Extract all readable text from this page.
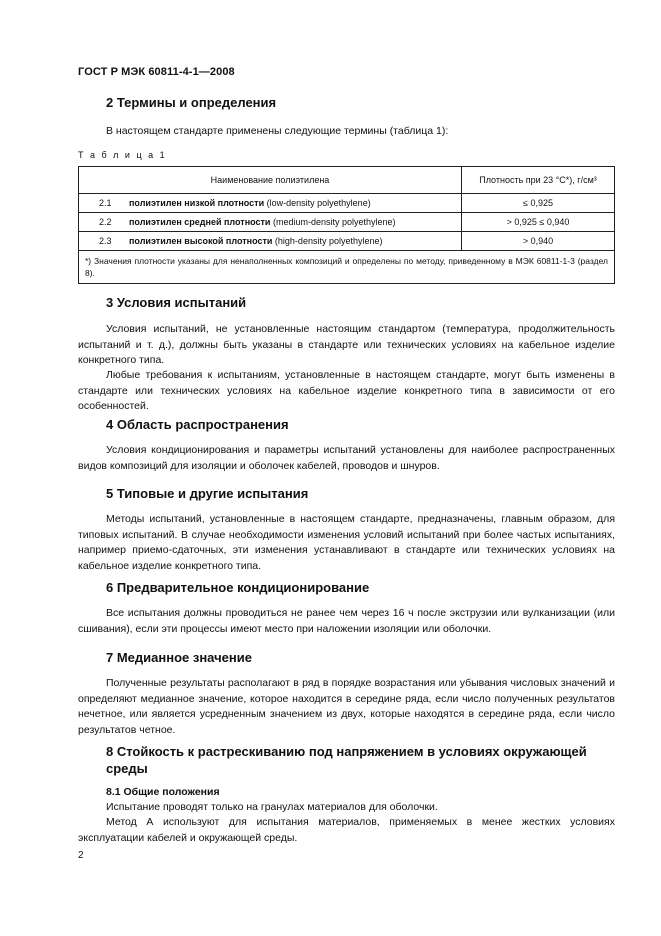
ГОСТ Р МЭК 60811-4-1—2008
2 Термины и определения
В настоящем стандарте применены следующие термины (таблица 1):
Т а б л и ц а 1
Наименование полиэтилена	Плотность при 23 °С*), г/см³
2.1 полиэтилен низкой плотности (low-density polyethylene)	≤ 0,925
2.2 полиэтилен средней плотности (medium-density polyethylene)	> 0,925 ≤ 0,940
2.3 полиэтилен высокой плотности (high-density polyethylene)	> 0,940
*) Значения плотности указаны для ненаполненных композиций и определены по методу, приведенному в МЭК 60811-1-3 (раздел 8).	
3 Условия испытаний
Условия испытаний, не установленные настоящим стандартом (температура, продолжительность испытаний и т. д.), должны быть указаны в стандарте или технических условиях на кабельное изделие конкретного типа.
Любые требования к испытаниям, установленные в настоящем стандарте, могут быть изменены в стандарте или технических условиях на кабельное изделие конкретного типа в зависимости от его особенностей.
4 Область распространения
Условия кондиционирования и параметры испытаний установлены для наиболее распространенных видов композиций для изоляции и оболочек кабелей, проводов и шнуров.
5 Типовые и другие испытания
Методы испытаний, установленные в настоящем стандарте, предназначены, главным образом, для типовых испытаний. В случае необходимости изменения условий испытаний при более частых испытаниях, например приемо-сдаточных, эти изменения устанавливают в стандарте или технических условиях на кабельное изделие конкретного типа.
6 Предварительное кондиционирование
Все испытания должны проводиться не ранее чем через 16 ч после экструзии или вулканизации (или сшивания), если эти процессы имеют место при наложении изоляции или оболочки.
7 Медианное значение
Полученные результаты располагают в ряд в порядке возрастания или убывания числовых значений и определяют медианное значение, которое находится в середине ряда, если число полученных результатов нечетное, или является усредненным значением из двух, которые находятся в середине ряда, если число результатов четное.
8 Стойкость к растрескиванию под напряжением в условиях окружающей
среды
8.1 Общие положения
Испытание проводят только на гранулах материалов для оболочки.
Метод А используют для испытания материалов, применяемых в менее жестких условиях эксплуатации кабелей и окружающей среды.
2
